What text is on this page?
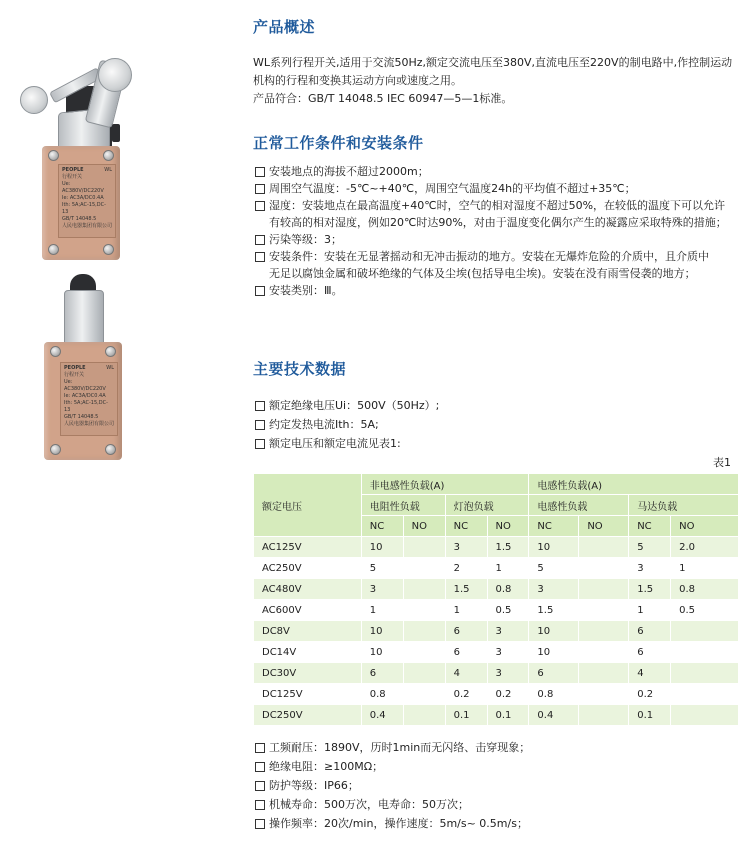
PEOPLE	WL
行程开关
Ue: AC380V/DC220V
Ie: AC3A/DC0.4A
Ith: 5A;AC-15,DC-13
GB/T 14048.5
人民电器集团有限公司
PEOPLE	WL
行程开关
Ue: AC380V/DC220V
Ie: AC3A/DC0.4A
Ith: 5A;AC-15,DC-13
GB/T 14048.5
人民电器集团有限公司
产品概述
WL系列行程开关,适用于交流50Hz,额定交流电压至380V,直流电压至220V的制电路中,作控制运动机构的行程和变换其运动方向或速度之用。
产品符合：GB/T 14048.5 IEC 60947—5—1标准。
正常工作条件和安装条件
安装地点的海拔不超过2000m；
周围空气温度：-5℃~+40℃，周围空气温度24h的平均值不超过+35℃；
湿度：安装地点在最高温度+40℃时，空气的相对湿度不超过50%，在较低的温度下可以允许
有较高的相对湿度，例如20℃时达90%，对由于温度变化偶尔产生的凝露应采取特殊的措施；
污染等级：3；
安装条件：安装在无显著摇动和无冲击振动的地方。安装在无爆炸危险的介质中，且介质中
无足以腐蚀金属和破坏绝缘的气体及尘埃(包括导电尘埃)。安装在没有雨雪侵袭的地方；
安装类别：Ⅲ。
主要技术数据
额定绝缘电压Ui：500V（50Hz）;
约定发热电流Ith：5A;
额定电压和额定电流见表1:
表1
额定电压	非电感性负载(A)				电感性负载(A)			
	电阻性负载		灯泡负载		电感性负载		马达负载	
	NC	NO	NC	NO	NC	NO	NC	NO
AC125V	10		3	1.5	10		5	2.0
AC250V	5		2	1	5		3	1
AC480V	3		1.5	0.8	3		1.5	0.8
AC600V	1		1	0.5	1.5		1	0.5
DC8V	10		6	3	10		6	
DC14V	10		6	3	10		6	
DC30V	6		4	3	6		4	
DC125V	0.8		0.2	0.2	0.8		0.2	
DC250V	0.4		0.1	0.1	0.4		0.1	
工频耐压：1890V，历时1min而无闪络、击穿现象；
绝缘电阻：≥100MΩ；
防护等级：IP66；
机械寿命：500万次，电寿命：50万次；
操作频率：20次/min，操作速度：5m/s~ 0.5m/s；
